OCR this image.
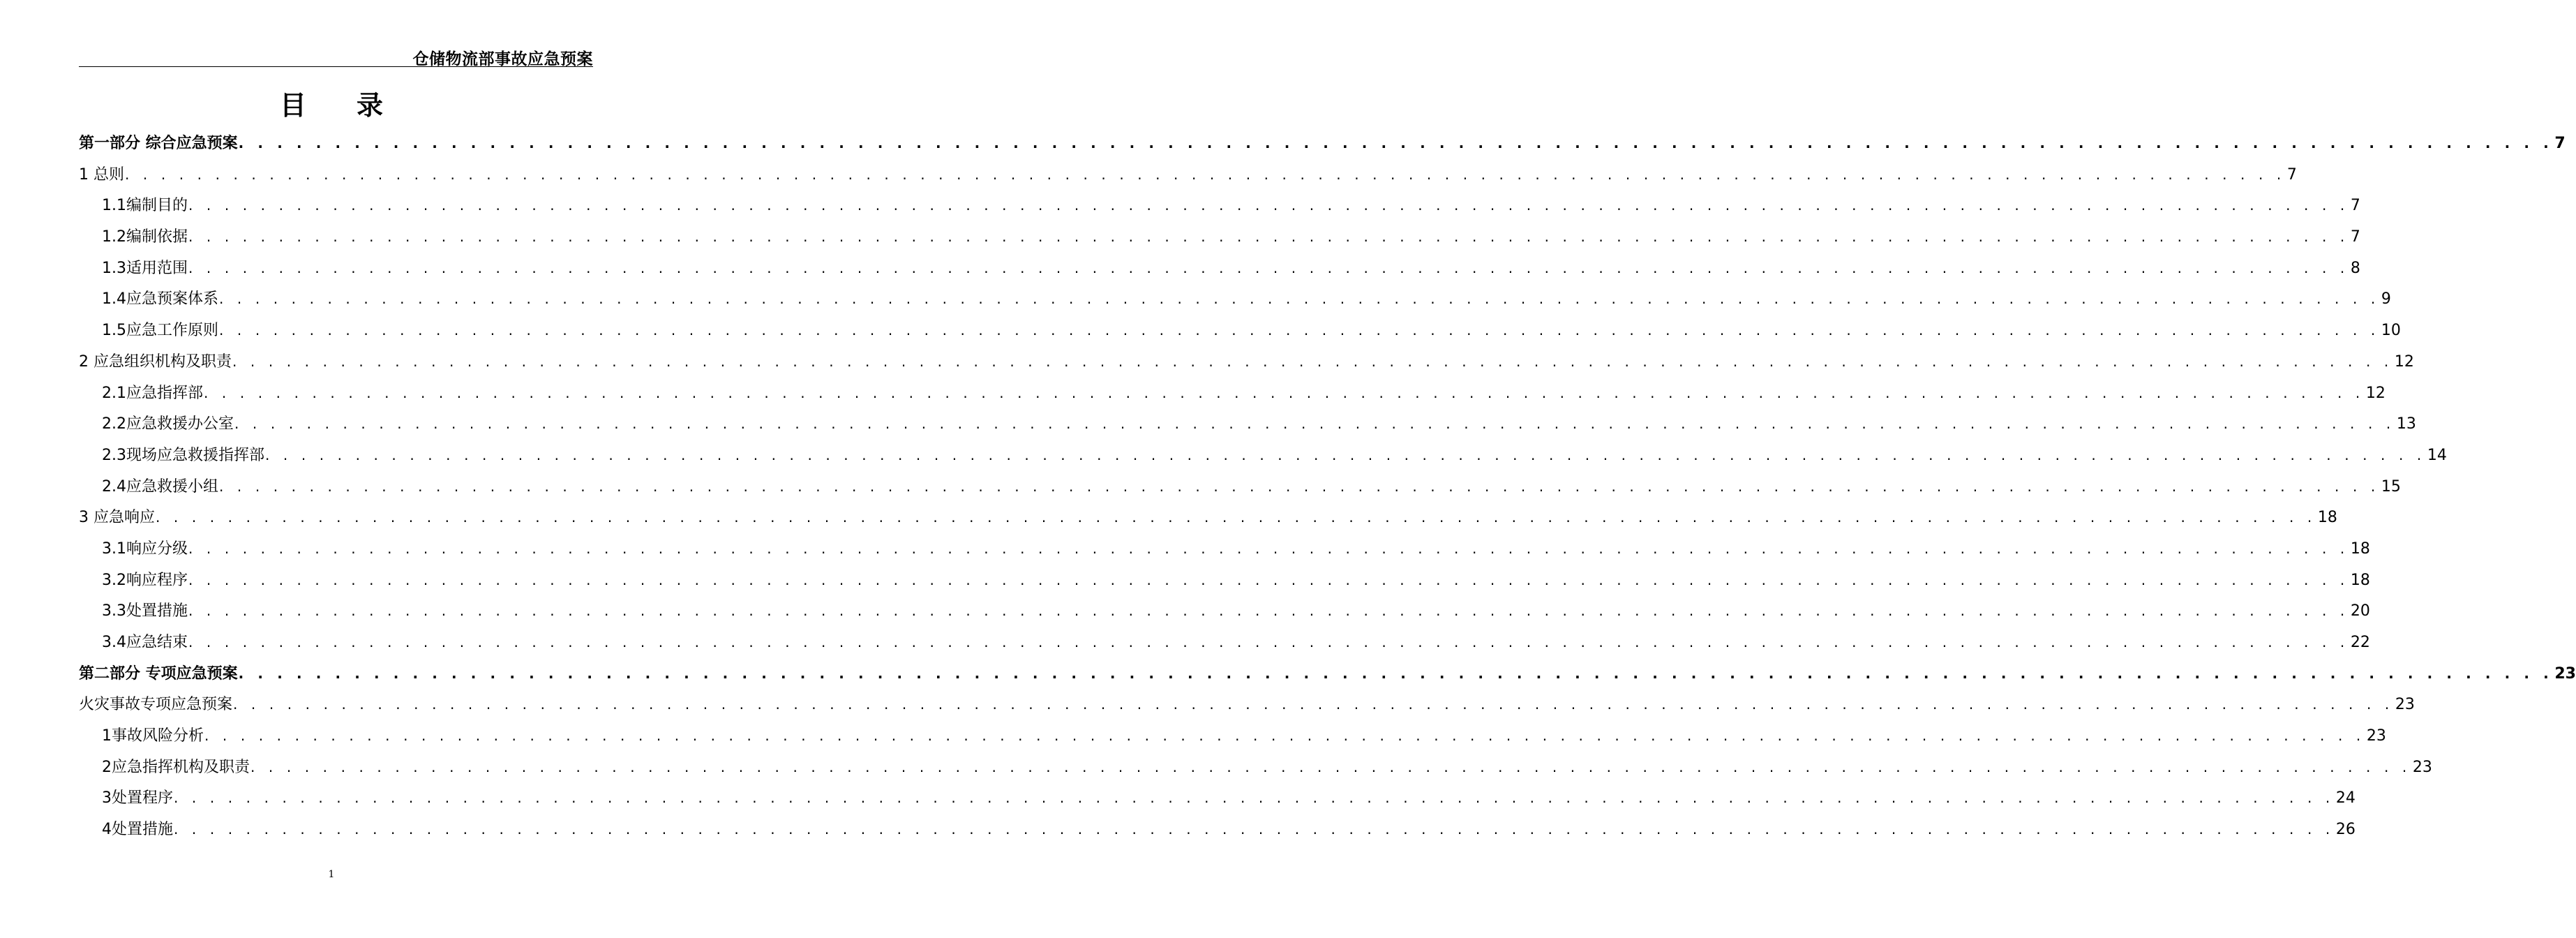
仓储物流部事故应急预案
目录
第一部分 综合应急预案 . . . . . . . . . . . . . . . . . . . . . . . . . . . . . . . . . . . . . . . . . . . . . . . . . . . . . . . . . . . . . . . . . . . . . . . . . . . . . . . . . . . . . . . . . . . . . . . . . . . . . . . . . . . . . . . . . . . . . . . . 7
1 总则 . . . . . . . . . . . . . . . . . . . . . . . . . . . . . . . . . . . . . . . . . . . . . . . . . . . . . . . . . . . . . . . . . . . . . . . . . . . . . . . . . . . . . . . . . . . . . . . . . . . . . . . . . . . . . . . . . . . . . . . . 7
1.1编制目的 . . . . . . . . . . . . . . . . . . . . . . . . . . . . . . . . . . . . . . . . . . . . . . . . . . . . . . . . . . . . . . . . . . . . . . . . . . . . . . . . . . . . . . . . . . . . . . . . . . . . . . . . . . . . . . . . . . . . . . . . 7
1.2编制依据 . . . . . . . . . . . . . . . . . . . . . . . . . . . . . . . . . . . . . . . . . . . . . . . . . . . . . . . . . . . . . . . . . . . . . . . . . . . . . . . . . . . . . . . . . . . . . . . . . . . . . . . . . . . . . . . . . . . . . . . . 7
1.3适用范围 . . . . . . . . . . . . . . . . . . . . . . . . . . . . . . . . . . . . . . . . . . . . . . . . . . . . . . . . . . . . . . . . . . . . . . . . . . . . . . . . . . . . . . . . . . . . . . . . . . . . . . . . . . . . . . . . . . . . . . . . 8
1.4应急预案体系 . . . . . . . . . . . . . . . . . . . . . . . . . . . . . . . . . . . . . . . . . . . . . . . . . . . . . . . . . . . . . . . . . . . . . . . . . . . . . . . . . . . . . . . . . . . . . . . . . . . . . . . . . . . . . . . . . . . . . . . . 9
1.5应急工作原则 . . . . . . . . . . . . . . . . . . . . . . . . . . . . . . . . . . . . . . . . . . . . . . . . . . . . . . . . . . . . . . . . . . . . . . . . . . . . . . . . . . . . . . . . . . . . . . . . . . . . . . . . . . . . . . . . . . . . . . . . 10
2 应急组织机构及职责 . . . . . . . . . . . . . . . . . . . . . . . . . . . . . . . . . . . . . . . . . . . . . . . . . . . . . . . . . . . . . . . . . . . . . . . . . . . . . . . . . . . . . . . . . . . . . . . . . . . . . . . . . . . . . . . . . . . . . . . . 12
2.1应急指挥部 . . . . . . . . . . . . . . . . . . . . . . . . . . . . . . . . . . . . . . . . . . . . . . . . . . . . . . . . . . . . . . . . . . . . . . . . . . . . . . . . . . . . . . . . . . . . . . . . . . . . . . . . . . . . . . . . . . . . . . . . 12
2.2应急救援办公室 . . . . . . . . . . . . . . . . . . . . . . . . . . . . . . . . . . . . . . . . . . . . . . . . . . . . . . . . . . . . . . . . . . . . . . . . . . . . . . . . . . . . . . . . . . . . . . . . . . . . . . . . . . . . . . . . . . . . . . . . 13
2.3现场应急救援指挥部 . . . . . . . . . . . . . . . . . . . . . . . . . . . . . . . . . . . . . . . . . . . . . . . . . . . . . . . . . . . . . . . . . . . . . . . . . . . . . . . . . . . . . . . . . . . . . . . . . . . . . . . . . . . . . . . . . . . . . . . . 14
2.4应急救援小组 . . . . . . . . . . . . . . . . . . . . . . . . . . . . . . . . . . . . . . . . . . . . . . . . . . . . . . . . . . . . . . . . . . . . . . . . . . . . . . . . . . . . . . . . . . . . . . . . . . . . . . . . . . . . . . . . . . . . . . . . 15
3 应急响应 . . . . . . . . . . . . . . . . . . . . . . . . . . . . . . . . . . . . . . . . . . . . . . . . . . . . . . . . . . . . . . . . . . . . . . . . . . . . . . . . . . . . . . . . . . . . . . . . . . . . . . . . . . . . . . . . . . . . . . . . 18
3.1响应分级 . . . . . . . . . . . . . . . . . . . . . . . . . . . . . . . . . . . . . . . . . . . . . . . . . . . . . . . . . . . . . . . . . . . . . . . . . . . . . . . . . . . . . . . . . . . . . . . . . . . . . . . . . . . . . . . . . . . . . . . . 18
3.2响应程序 . . . . . . . . . . . . . . . . . . . . . . . . . . . . . . . . . . . . . . . . . . . . . . . . . . . . . . . . . . . . . . . . . . . . . . . . . . . . . . . . . . . . . . . . . . . . . . . . . . . . . . . . . . . . . . . . . . . . . . . . 18
3.3处置措施 . . . . . . . . . . . . . . . . . . . . . . . . . . . . . . . . . . . . . . . . . . . . . . . . . . . . . . . . . . . . . . . . . . . . . . . . . . . . . . . . . . . . . . . . . . . . . . . . . . . . . . . . . . . . . . . . . . . . . . . . 20
3.4应急结束 . . . . . . . . . . . . . . . . . . . . . . . . . . . . . . . . . . . . . . . . . . . . . . . . . . . . . . . . . . . . . . . . . . . . . . . . . . . . . . . . . . . . . . . . . . . . . . . . . . . . . . . . . . . . . . . . . . . . . . . . 22
第二部分 专项应急预案 . . . . . . . . . . . . . . . . . . . . . . . . . . . . . . . . . . . . . . . . . . . . . . . . . . . . . . . . . . . . . . . . . . . . . . . . . . . . . . . . . . . . . . . . . . . . . . . . . . . . . . . . . . . . . . . . . . . . . . . . 23
火灾事故专项应急预案 . . . . . . . . . . . . . . . . . . . . . . . . . . . . . . . . . . . . . . . . . . . . . . . . . . . . . . . . . . . . . . . . . . . . . . . . . . . . . . . . . . . . . . . . . . . . . . . . . . . . . . . . . . . . . . . . . . . . . . . . 23
1事故风险分析 . . . . . . . . . . . . . . . . . . . . . . . . . . . . . . . . . . . . . . . . . . . . . . . . . . . . . . . . . . . . . . . . . . . . . . . . . . . . . . . . . . . . . . . . . . . . . . . . . . . . . . . . . . . . . . . . . . . . . . . . 23
2应急指挥机构及职责 . . . . . . . . . . . . . . . . . . . . . . . . . . . . . . . . . . . . . . . . . . . . . . . . . . . . . . . . . . . . . . . . . . . . . . . . . . . . . . . . . . . . . . . . . . . . . . . . . . . . . . . . . . . . . . . . . . . . . . . . 23
3处置程序 . . . . . . . . . . . . . . . . . . . . . . . . . . . . . . . . . . . . . . . . . . . . . . . . . . . . . . . . . . . . . . . . . . . . . . . . . . . . . . . . . . . . . . . . . . . . . . . . . . . . . . . . . . . . . . . . . . . . . . . . 24
4处置措施 . . . . . . . . . . . . . . . . . . . . . . . . . . . . . . . . . . . . . . . . . . . . . . . . . . . . . . . . . . . . . . . . . . . . . . . . . . . . . . . . . . . . . . . . . . . . . . . . . . . . . . . . . . . . . . . . . . . . . . . . 26
1
